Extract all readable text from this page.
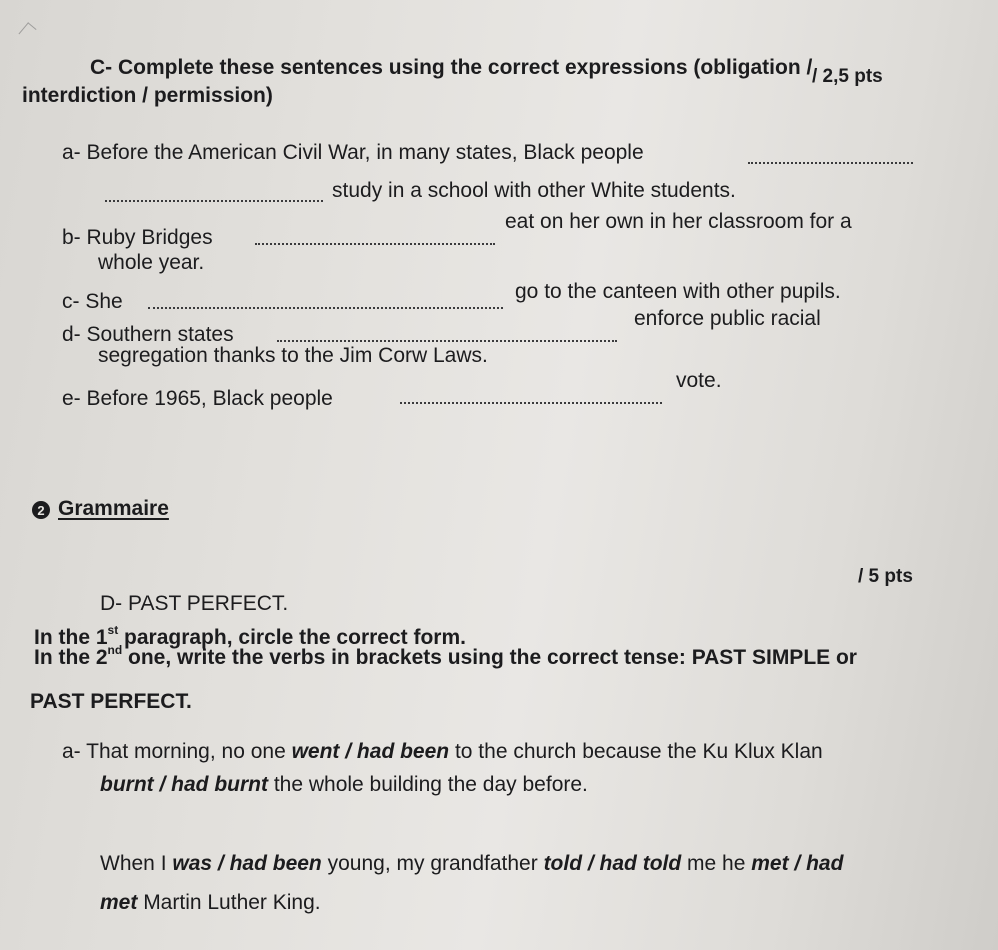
C- Complete these sentences using the correct expressions (obligation /
interdiction / permission)
/ 2,5 pts
a- Before the American Civil War, in many states, Black people
study in a school with other White students.
b- Ruby Bridges
eat on her own in her classroom for a
whole year.
c- She	go to the canteen with other pupils.
d- Southern states
enforce public racial
segregation thanks to the Jim Corw Laws.
e- Before 1965, Black people
vote.
2 Grammaire
/ 5 pts
D- PAST PERFECT.
In the 1st paragraph, circle the correct form.
In the 2nd one, write the verbs in brackets using the correct tense: PAST SIMPLE or
PAST PERFECT.
a- That morning, no one went / had been to the church because the Ku Klux Klan
burnt / had burnt the whole building the day before.
When I was / had been young, my grandfather told / had told me he met / had
met Martin Luther King.
